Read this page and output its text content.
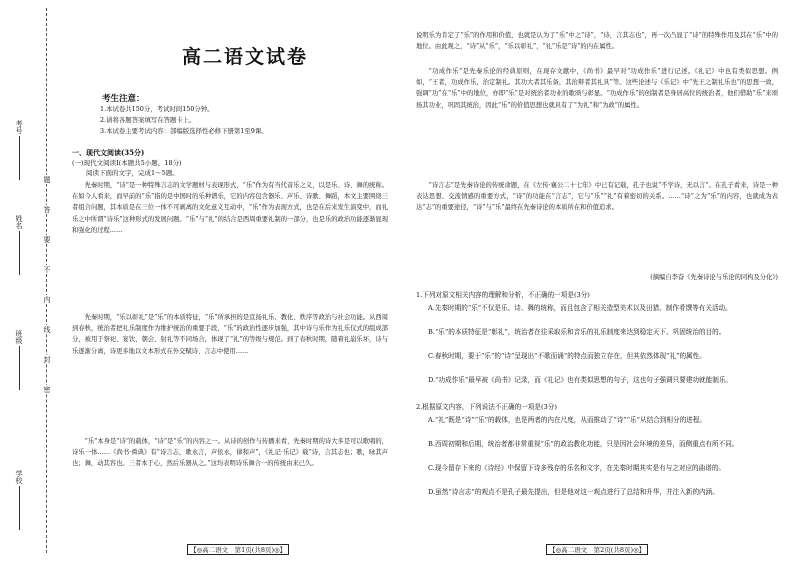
考号
姓名
班级
学校
题
答
要
不
内
线
封
密
高二语文试卷
考生注意：
1.本试卷共150分，考试时间150分钟。
2.请将各题答案填写在答题卡上。
3.本试卷主要考试内容：部编版选择性必修下册第1至9课。
一、现代文阅读(35分)
(一)现代文阅读Ⅰ(本题共5小题，18分)
阅读下面的文字，完成1～5题。
先秦时期，“诗”是一种特殊言志的文学题材与表现形式，“乐”作为有当代音乐之义，以是乐、诗、舞的统称。在如今人看来，而早前的“乐”指的是中国时的乐种谱乐，它的内容包含器乐、声乐、诗歌、舞蹈，本文主要围绕三者组合问题，其本质是在三位一体不可剥离的文化意义互动中，“乐”作为表现方式，也是在后来发生演变中，而礼乐之中所谓“诗乐”这种形式的发展问题。“乐”与“礼”的结合是西周重要礼制的一部分，也是乐的政治功能逐渐显现和强化的过程……
先秦时期，“乐以彰礼”是“乐”的本质特征，“乐”所承担的是宣扬礼乐、教化、秩序等政治与社会功能。从西周到春秋，统治者把礼乐制度作为维护统治的重要手段，“乐”的政治性逐步加强，其中诗与乐作为礼乐仪式的组成部分，被用于祭祀、宴饮、朝会、射礼等不同场合，体现了“礼”的等级与规范。到了春秋时期，随着礼崩乐坏，诗与乐逐渐分离，诗更多地以文本形式在外交赋诗、言志中使用……
“乐”本身是“诗”的载体，“诗”是“乐”的内容之一。从诗的创作与传播来看，先秦时期的诗大多是可以歌唱的，诗乐一体……《尚书·舜典》有“诗言志，歌永言，声依永，律和声”，《礼记·乐记》载“诗，言其志也；歌，咏其声也；舞，动其容也。三者本于心，然后乐器从之。”这均表明诗乐舞合一的传统由来已久。
【◎高二语文　第1页(共8页)◎】
说明乐为肯定了“乐”的作用和价值，也就是认为了“乐”中之“诗”，“诗，言其志也”，再一次凸显了“诗”的特殊作用及其在“乐”中的地位。由此观之，“诗”从“乐”，“乐以彰礼”，“礼”乐是“诗”的内在属性。
“功成作乐”是先秦乐论的经典原则，在现存文献中，《尚书》最早对“功成作乐”进行记述。《礼记》中也有类似思想。例如，“王者，功成作乐，治定制礼。其功大者其乐备，其治辩者其礼具”等。这些论述与《乐记》中“先王之制礼乐也”的思想一致，强调“功”在“乐”中的地位，亦即“乐”是对统治者功业的歌颂与彰显。“功成作乐”的创制者是身居高位的统治者，他们借助“乐”来颂扬其功业，巩固其统治，因此“乐”的价值思想也就具有了“为礼”和“为政”的属性。
“诗言志”是先秦诗论的传统命题，在《左传·襄公二十七年》中已有记载，孔子也说“不学诗，无以言”。在孔子看来，诗是一种表达思想、交流情感的重要方式，“诗”的功能在“言志”，它与“乐”“礼”有着密切的关系。……“诗”之为“乐”的内容，也就成为表达“志”的重要途径，“诗”与“乐”最终在先秦诗论的本质所在和价值追求。
(摘编自李奋《先秦诗论与乐论的同构及分化》)
1.下列对原文相关内容的理解和分析，不正确的一项是(3分)
A.先秦时期的“乐”不仅是乐、诗、舞的统称，而且包含了相关造型美术以及田猎、制作肴馔等有关活动。
B.“乐”的本质特征是“彰礼”，统治者在往采取乐和音乐的礼乐制度来达到稳定天下、巩固统治的目的。
C.春秋时期，要于“乐”的“诗”呈现出“不歌而诵”的特点而独立存在，但其依然体现“礼”的属性。
D.“功成作乐”最早被《尚书》记录，而《礼记》也有类似思想的句子，这也句子强调只要建功就能制乐。
2.根据原文内容，下列说法不正确的一项是(3分)
A.“礼”既是“诗”“乐”的载体，也是两者的内在尺度，从而推动了“诗”“乐”从结合到相分的进程。
B.西周初期和后期，统治者都非常重视“乐”的政治教化功能，只是因社会环境的差异，而侧重点有所不同。
C.现今留存下来的《诗经》中保留下诗多残存的乐名和文字，在先秦时期其实是有与之对应的曲谱的。
D.虽然“诗言志”的观点不是孔子最先提出，但是他对这一观点进行了总结和升华，并注入新的内涵。
【◎高二语文　第2页(共8页)◎】
